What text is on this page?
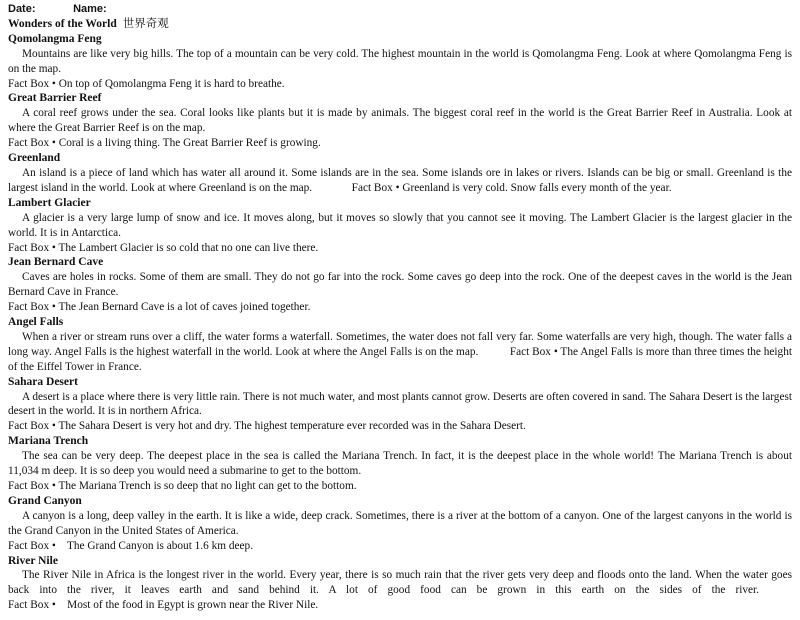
Date:	Name:
Wonders of the World 世界奇观
Qomolangma Feng

Mountains are like very big hills. The top of a mountain can be very cold. The highest mountain in the world is Qomolangma Feng. Look at where Qomolangma Feng is on the map.

Fact Box • On top of Qomolangma Feng it is hard to breathe.

Great Barrier Reef

A coral reef grows under the sea. Coral looks like plants but it is made by animals. The biggest coral reef in the world is the Great Barrier Reef in Australia. Look at where the Great Barrier Reef is on the map.

Fact Box • Coral is a living thing. The Great Barrier Reef is growing.

Greenland

An island is a piece of land which has water all around it. Some islands are in the sea. Some islands ore in lakes or rivers. Islands can be big or small. Greenland is the largest island in the world. Look at where Greenland is on the map.	Fact Box • Greenland is very cold. Snow falls every month of the year.

Lambert Glacier

A glacier is a very large lump of snow and ice. It moves along, but it moves so slowly that you cannot see it moving. The Lambert Glacier is the largest glacier in the world. It is in Antarctica.

Fact Box • The Lambert Glacier is so cold that no one can live there.

Jean Bernard Cave

Caves are holes in rocks. Some of them are small. They do not go far into the rock. Some caves go deep into the rock. One of the deepest caves in the world is the Jean Bernard Cave in France.

Fact Box • The Jean Bernard Cave is a lot of caves joined together.

Angel Falls

When a river or stream runs over a cliff, the water forms a waterfall. Sometimes, the water does not fall very far. Some waterfalls are very high, though. The water falls a long way. Angel Falls is the highest waterfall in the world. Look at where the Angel Falls is on the map.	Fact Box • The Angel Falls is more than three times the height of the Eiffel Tower in France.

Sahara Desert

A desert is a place where there is very little rain. There is not much water, and most plants cannot grow. Deserts are often covered in sand. The Sahara Desert is the largest desert in the world. It is in northern Africa.

Fact Box • The Sahara Desert is very hot and dry. The highest temperature ever recorded was in the Sahara Desert.

Mariana Trench

The sea can be very deep. The deepest place in the sea is called the Mariana Trench. In fact, it is the deepest place in the whole world! The Mariana Trench is about 11,034 m deep. It is so deep you would need a submarine to get to the bottom.

Fact Box • The Mariana Trench is so deep that no light can get to the bottom.

Grand Canyon

A canyon is a long, deep valley in the earth. It is like a wide, deep crack. Sometimes, there is a river at the bottom of a canyon. One of the largest canyons in the world is the Grand Canyon in the United States of America.

Fact Box •    The Grand Canyon is about 1.6 km deep.

River Nile

The River Nile in Africa is the longest river in the world. Every year, there is so much rain that the river gets very deep and floods onto the land. When the water goes back into the river, it leaves earth and sand behind it. A lot of good food can be grown in this earth on the sides of the river.     Fact Box •    Most of the food in Egypt is grown near the River Nile.
